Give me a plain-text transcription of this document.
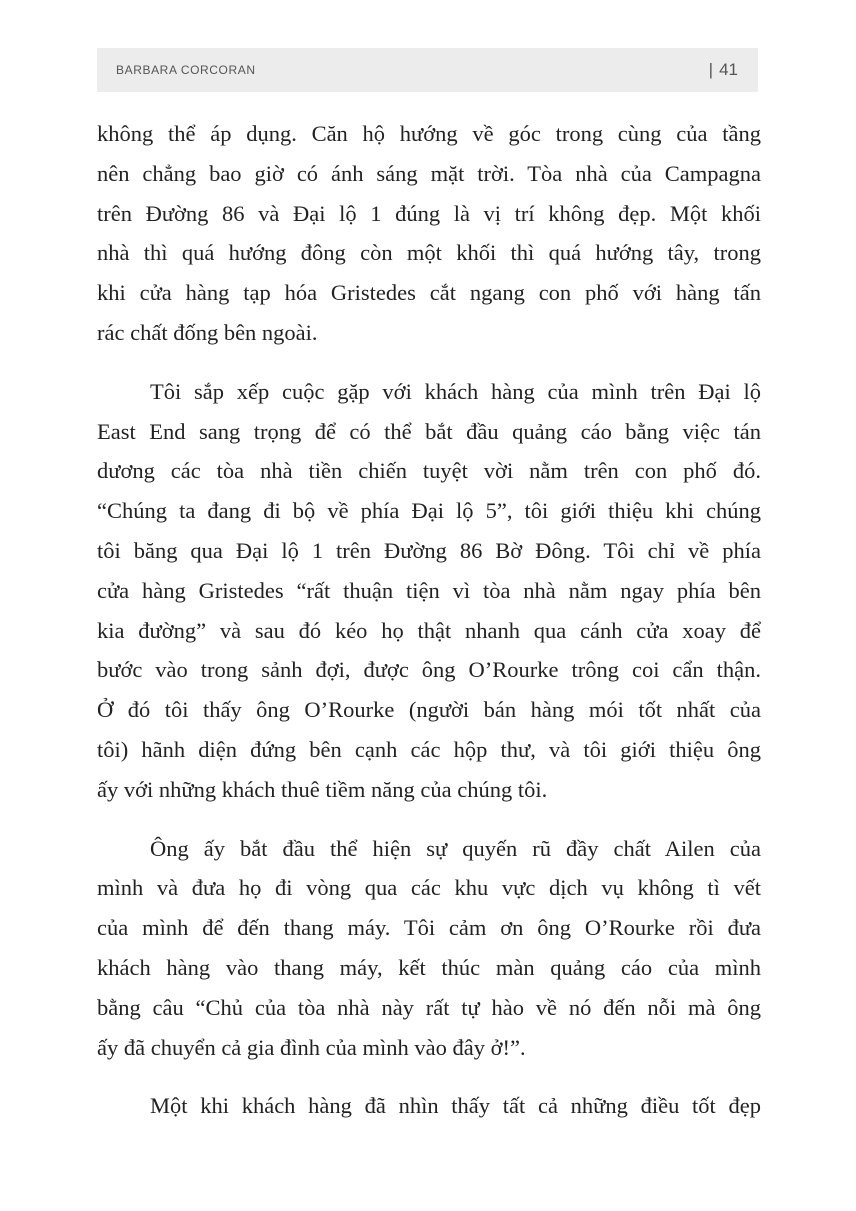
BARBARA CORCORAN	| 41
không thể áp dụng. Căn hộ hướng về góc trong cùng của tầng
nên chẳng bao giờ có ánh sáng mặt trời. Tòa nhà của Campagna
trên Đường 86 và Đại lộ 1 đúng là vị trí không đẹp. Một khối
nhà thì quá hướng đông còn một khối thì quá hướng tây, trong
khi cửa hàng tạp hóa Gristedes cắt ngang con phố với hàng tấn
rác chất đống bên ngoài.
Tôi sắp xếp cuộc gặp với khách hàng của mình trên Đại lộ
East End sang trọng để có thể bắt đầu quảng cáo bằng việc tán
dương các tòa nhà tiền chiến tuyệt vời nằm trên con phố đó.
“Chúng ta đang đi bộ về phía Đại lộ 5”, tôi giới thiệu khi chúng
tôi băng qua Đại lộ 1 trên Đường 86 Bờ Đông. Tôi chỉ về phía
cửa hàng Gristedes “rất thuận tiện vì tòa nhà nằm ngay phía bên
kia đường” và sau đó kéo họ thật nhanh qua cánh cửa xoay để
bước vào trong sảnh đợi, được ông O’Rourke trông coi cẩn thận.
Ở đó tôi thấy ông O’Rourke (người bán hàng mói tốt nhất của
tôi) hãnh diện đứng bên cạnh các hộp thư, và tôi giới thiệu ông
ấy với những khách thuê tiềm năng của chúng tôi.
Ông ấy bắt đầu thể hiện sự quyến rũ đầy chất Ailen của
mình và đưa họ đi vòng qua các khu vực dịch vụ không tì vết
của mình để đến thang máy. Tôi cảm ơn ông O’Rourke rồi đưa
khách hàng vào thang máy, kết thúc màn quảng cáo của mình
bằng câu “Chủ của tòa nhà này rất tự hào về nó đến nỗi mà ông
ấy đã chuyển cả gia đình của mình vào đây ở!”.
Một khi khách hàng đã nhìn thấy tất cả những điều tốt đẹp
